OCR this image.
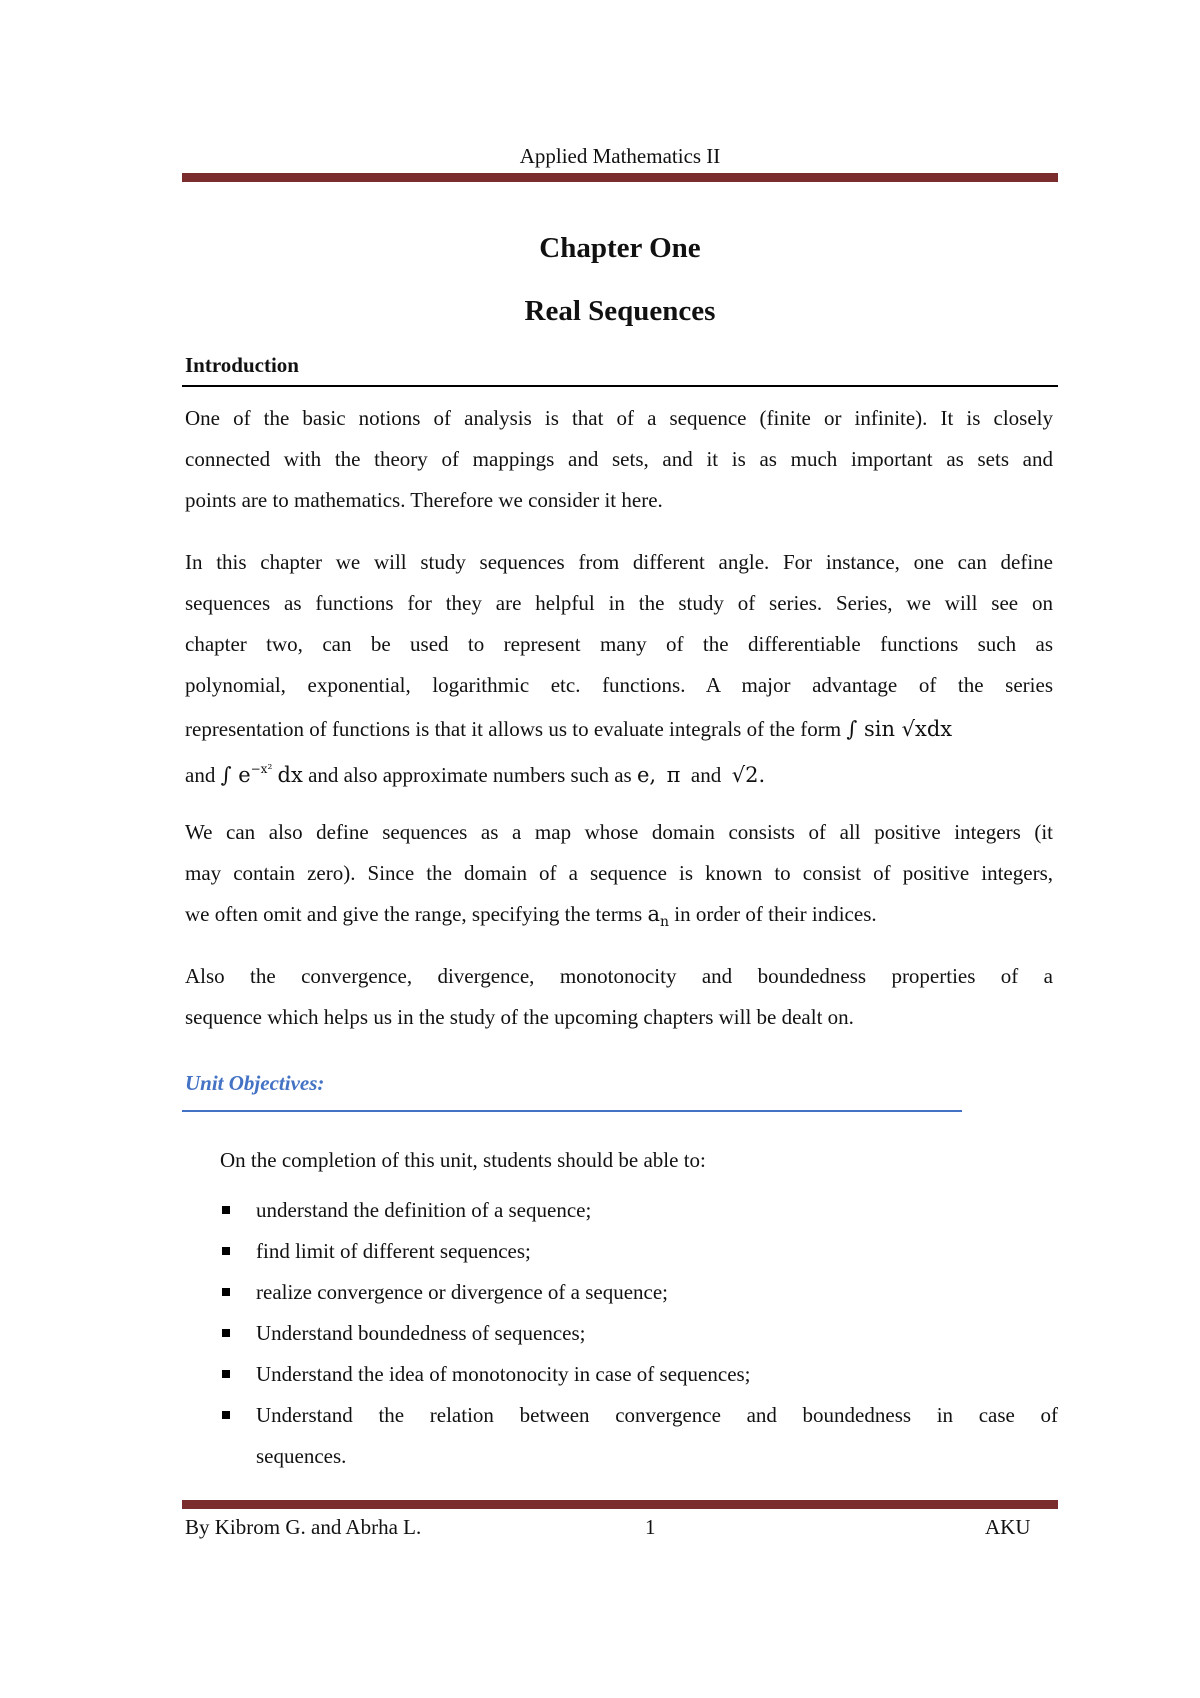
Applied Mathematics II
Chapter One
Real Sequences
Introduction
One of the basic notions of analysis is that of a sequence (finite or infinite). It is closely
connected with the theory of mappings and sets, and it is as much important as sets and
points are to mathematics. Therefore we consider it here.
In this chapter we will study sequences from different angle. For instance, one can define
sequences as functions for they are helpful in the study of series. Series, we will see on
chapter two, can be used to represent many of the differentiable functions such as
polynomial, exponential, logarithmic etc. functions. A major advantage of the series
representation of functions is that it allows us to evaluate integrals of the form ∫ sin √xdx
and ∫ $e^{-x^2}$ dx and also approximate numbers such as e, π and √2.
We can also define sequences as a map whose domain consists of all positive integers (it
may contain zero). Since the domain of a sequence is known to consist of positive integers,
we often omit and give the range, specifying the terms $a_n$ in order of their indices.
Also the convergence, divergence, monotonocity and boundedness properties of a
sequence which helps us in the study of the upcoming chapters will be dealt on.
Unit Objectives:
On the completion of this unit, students should be able to:
understand the definition of a sequence;
find limit of different sequences;
realize convergence or divergence of a sequence;
Understand boundedness of sequences;
Understand the idea of monotonocity in case of sequences;
Understand the relation between convergence and boundedness in case of
sequences.
By Kibrom G. and Abrha L.	1	AKU
